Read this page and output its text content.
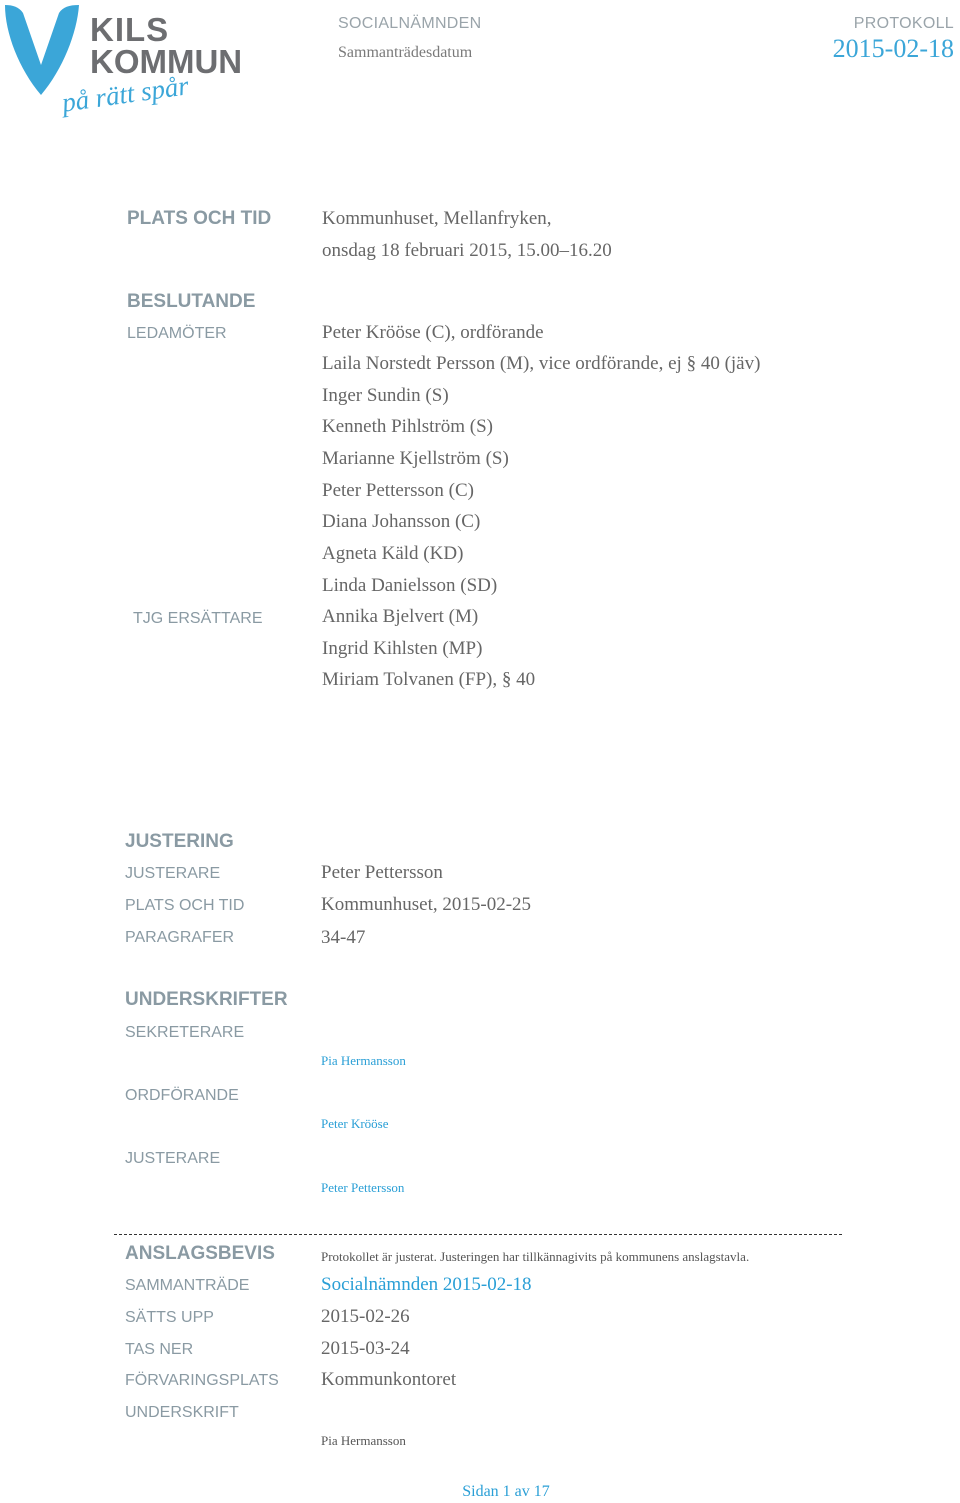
KILS
KOMMUN
på rätt spår
SOCIALNÄMNDEN
Sammanträdesdatum
PROTOKOLL
2015-02-18
PLATS OCH TID	Kommunhuset, Mellanfryken,
onsdag 18 februari 2015, 15.00–16.20
BESLUTANDE
LEDAMÖTER	Peter Krööse (C), ordförande
Laila Norstedt Persson (M), vice ordförande, ej § 40 (jäv)
Inger Sundin (S)
Kenneth Pihlström (S)
Marianne Kjellström (S)
Peter Pettersson (C)
Diana Johansson (C)
Agneta Käld (KD)
Linda Danielsson (SD)
TJG ERSÄTTARE	Annika Bjelvert (M)
Ingrid Kihlsten (MP)
Miriam Tolvanen (FP), § 40
JUSTERING
JUSTERARE	Peter Pettersson
PLATS OCH TID	Kommunhuset, 2015-02-25
PARAGRAFER	34-47
UNDERSKRIFTER
SEKRETERARE
Pia Hermansson
ORDFÖRANDE
Peter Krööse
JUSTERARE
Peter Pettersson
ANSLAGSBEVIS	Protokollet är justerat. Justeringen har tillkännagivits på kommunens anslagstavla.
SAMMANTRÄDE	Socialnämnden 2015-02-18
SÄTTS UPP	2015-02-26
TAS NER	2015-03-24
FÖRVARINGSPLATS Kommunkontoret
UNDERSKRIFT
Pia Hermansson
Sidan 1 av 17
